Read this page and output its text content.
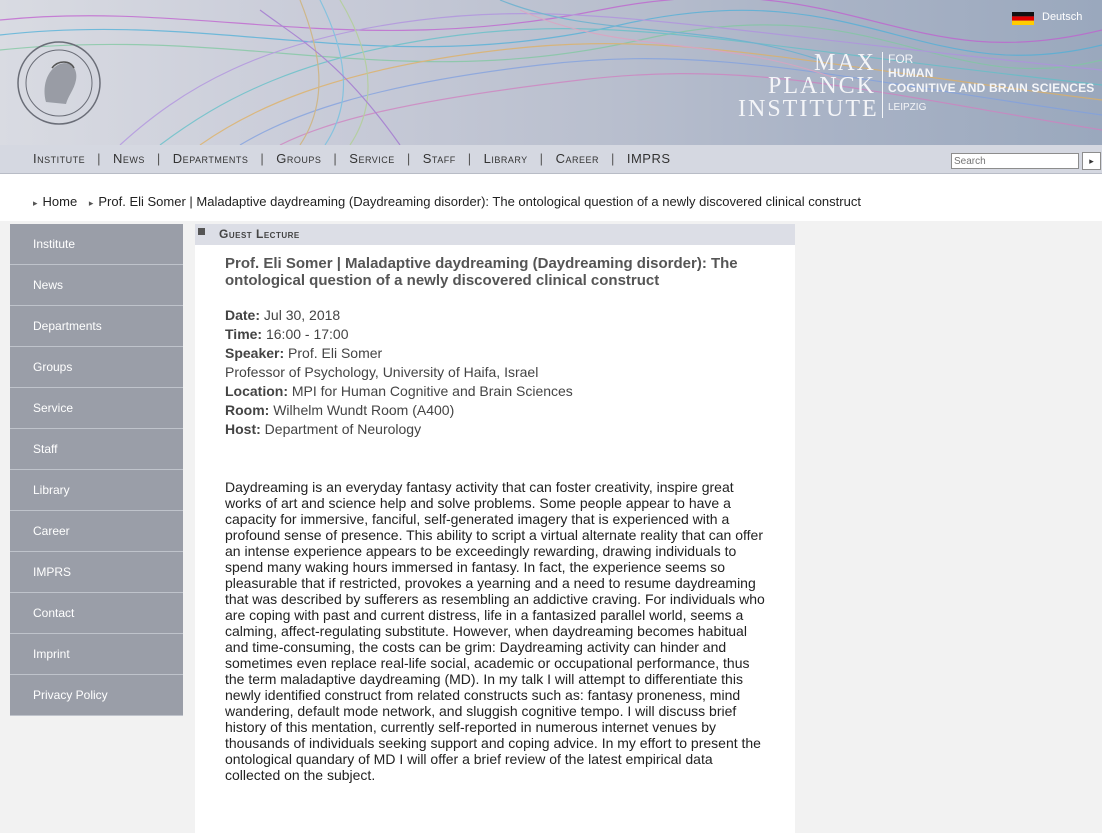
Deutsch
MAX
PLANCK
INSTITUTE
FOR
HUMAN
COGNITIVE AND BRAIN SCIENCES
LEIPZIG
Institute | News | Departments | Groups | Service | Staff | Library | Career | IMPRS
Search	▸
▸ Home ▸ Prof. Eli Somer | Maladaptive daydreaming (Daydreaming disorder): The ontological question of a newly discovered clinical construct
Institute
News
Departments
Groups
Service
Staff
Library
Career
IMPRS
Contact
Imprint
Privacy Policy
Guest Lecture
Prof. Eli Somer | Maladaptive daydreaming (Daydreaming disorder): The ontological question of a newly discovered clinical construct
Date: Jul 30, 2018
Time: 16:00 - 17:00
Speaker: Prof. Eli Somer
Professor of Psychology, University of Haifa, Israel
Location: MPI for Human Cognitive and Brain Sciences
Room: Wilhelm Wundt Room (A400)
Host: Department of Neurology
Daydreaming is an everyday fantasy activity that can foster creativity, inspire great works of art and science help and solve problems. Some people appear to have a capacity for immersive, fanciful, self-generated imagery that is experienced with a profound sense of presence. This ability to script a virtual alternate reality that can offer an intense experience appears to be exceedingly rewarding, drawing individuals to spend many waking hours immersed in fantasy. In fact, the experience seems so pleasurable that if restricted, provokes a yearning and a need to resume daydreaming that was described by sufferers as resembling an addictive craving. For individuals who are coping with past and current distress, life in a fantasized parallel world, seems a calming, affect-regulating substitute. However, when daydreaming becomes habitual and time-consuming, the costs can be grim: Daydreaming activity can hinder and sometimes even replace real-life social, academic or occupational performance, thus the term maladaptive daydreaming (MD). In my talk I will attempt to differentiate this newly identified construct from related constructs such as: fantasy proneness, mind wandering, default mode network, and sluggish cognitive tempo. I will discuss brief history of this mentation, currently self-reported in numerous internet venues by thousands of individuals seeking support and coping advice. In my effort to present the ontological quandary of MD I will offer a brief review of the latest empirical data collected on the subject.
